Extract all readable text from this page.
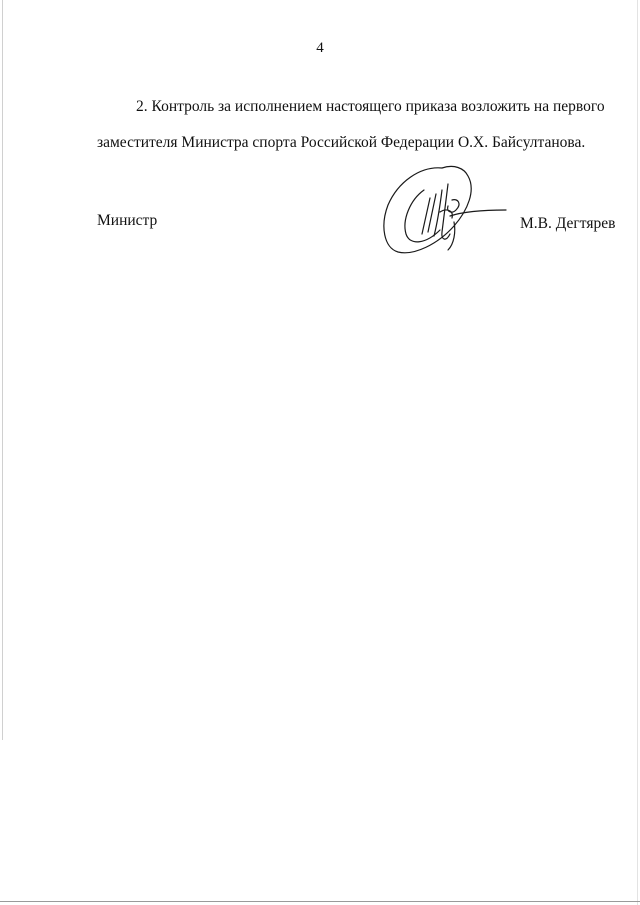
4
2. Контроль за исполнением настоящего приказа возложить на первого
заместителя Министра спорта Российской Федерации О.Х. Байсултанова.
Министр	М.В. Дегтярев
